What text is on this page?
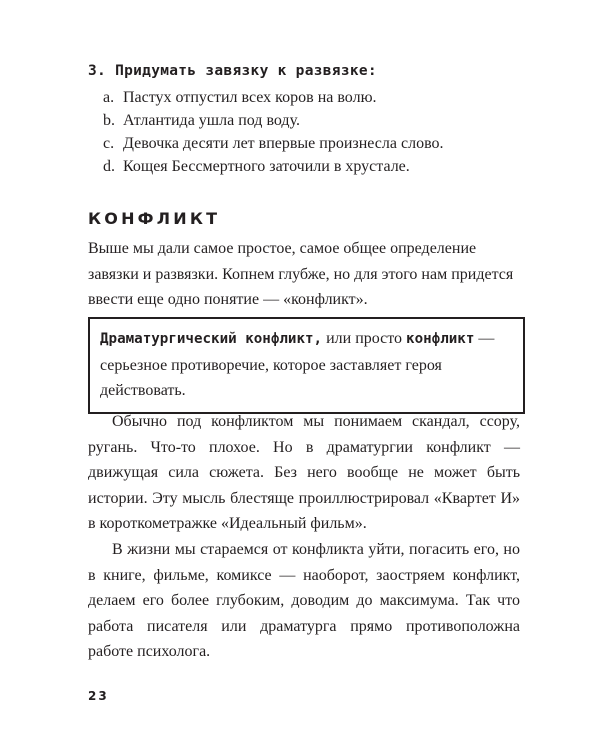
3. Придумать завязку к развязке:

a. Пастух отпустил всех коров на волю.
b. Атлантида ушла под воду.
c. Девочка десяти лет впервые произнесла слово.
d. Кощея Бессмертного заточили в хрустале.
КОНФЛИКТ

Выше мы дали самое простое, самое общее определение завязки и развязки. Копнем глубже, но для этого нам придется ввести еще одно понятие — «конфликт».

Драматургический конфликт, или просто конфликт — серьезное противоречие, которое заставляет героя действовать.

Обычно под конфликтом мы понимаем скандал, ссору, ругань. Что-то плохое. Но в драматургии конфликт — движущая сила сюжета. Без него вообще не может быть истории. Эту мысль блестяще проиллюстрировал «Квартет И» в короткометражке «Идеальный фильм».

В жизни мы стараемся от конфликта уйти, погасить его, но в книге, фильме, комиксе — наоборот, заостряем конфликт, делаем его более глубоким, доводим до максимума. Так что работа писателя или драматурга прямо противоположна работе психолога.

23
